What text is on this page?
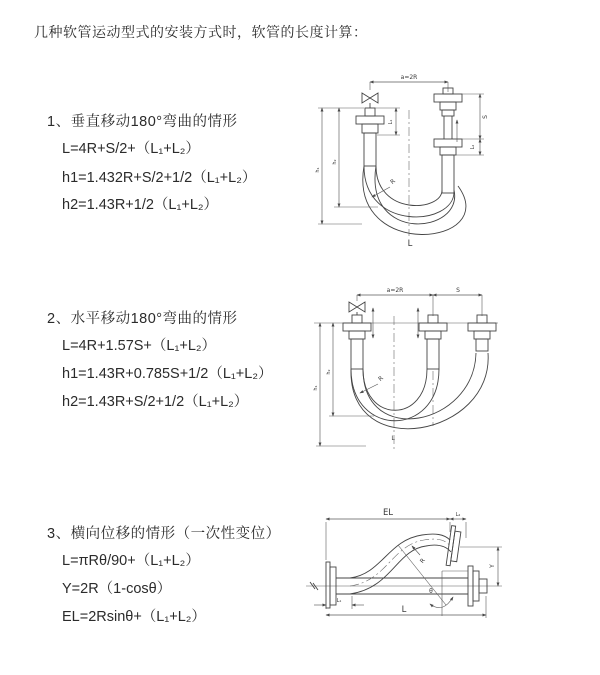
几种软管运动型式的安装方式时，软管的长度计算：
1、垂直移动180°弯曲的情形
L=4R+S/2+（L₁+L₂）
h1=1.432R+S/2+1/2（L₁+L₂）
h2=1.43R+1/2（L₁+L₂）
2、水平移动180°弯曲的情形
L=4R+1.57S+（L₁+L₂）
h1=1.43R+0.785S+1/2（L₁+L₂）
h2=1.43R+S/2+1/2（L₁+L₂）
3、横向位移的情形（一次性变位）
L=πRθ/90+（L₁+L₂）
Y=2R（1-cosθ）
EL=2Rsinθ+（L₁+L₂）
a=2R
L₁
S
L₂
h₁
h₂
R
L
a=2R	S
h₁
h₂
R
L
EL	L₂
Y
θ
R
L₁
L
